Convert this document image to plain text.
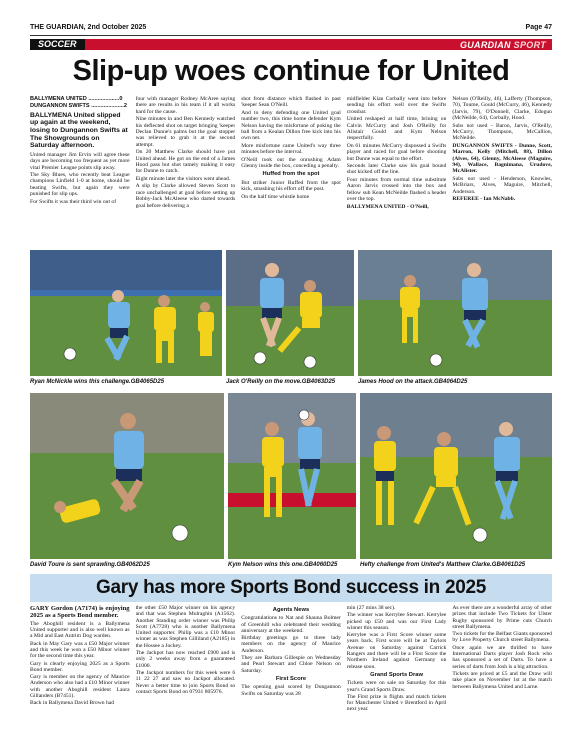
THE GUARDIAN, 2nd October 2025	Page 47
SOCCER	GUARDIAN SPORT
Slip-up woes continue for United

BALLYMENA UNITED ....................0

DUNGANNON SWIFTS .....................2

BALLYMENA United slipped up again at the weekend, losing to Dungannon Swifts at The Showgrounds on Saturday afternoon.

United manager Jim Ervin will agree these days are becoming too frequent as yet more vital Premier League points slip away.

The Sky Blues, who recently beat League champions Linfield 1-0 at home, should be beating Swifts, but again they were punished for slip ups.

For Swifts it was their third win out of

four with manager Rodney McAree saying there are results in his team if it all works hard for the cause.

Nine minutes in and Ben Kennedy watched his deflected shot on target bringing 'keeper Declan Dunne's palms but the goal stopper was relieved to grab it at the second attempt.

On 20 Matthew Clarke should have put United ahead. He got on the end of a James Hood pass but shot tamely making it easy for Dunne to catch.

Eight minute later the visitors went ahead.

A slip by Clarke allowed Steven Scott to race unchallenged at goal before setting up Bobby-Jack McAleese who darted towards goal before delivering a

shot from distance which flashed in past 'keeper Sean O'Neill.

And to deny defending one United goal number two, this time home defender Kym Nelson having the misfortune of poking the ball from a Kealan Dillon free kick into his own net.

More misfortune came United's way three minutes before the interval.

O'Neill took out the onrushing Adam Glenny inside the box, conceding a penalty.

Huffed from the spot

But striker Junior Ruffed from the spot kick, smashing his effort off the post.

On the half time whistle home

midfielder Kian Corbally went into before sending his effort well over the Swifts crossbar.

United reshaped at half time, brining on Calvin McCurry and Josh O'Reilly for Alistair Gould and Kym Nelson respectfully.

On 61 minutes McCurry dispossed a Swifts player and raced for goal before shooting but Dunne was equal to the effort.

Seconds later Clarke saw his goal bound shot kicked off the line.

Four minutes from normal time substitute Aaron Jarvis crossed into the box and fellow sub Kean McNeilde flashed a header over the top.

BALLYMENA UNITED - O'Neill,

Nelson (O'Reilly, 46), Lafferty (Thompson, 70), Toume, Gould (McCurry, 46), Kennedy (Jarvis, 79), O'Donnell, Clarke, Edogun (McNeilde, 64), Corbally, Hood.

Subs not used - Baron, Jarvis, O'Reilly, McCurry, Thompson, McCallion, McNeilde.

DUNGANNON SWIFTS - Dunne, Scott, Marron, Kelly (Mitchell, 88), Dillon (Alves, 64), Glenny, McAleese (Maguire, 94), Wallace, Bagnimana, Urudove, McAlister.

Subs not used - Henderson, Knowles, McBriars, Alves, Maguire, Mitchell, Anderson.

REFEREE - Ian McNabb.

Ryan McNickle wins this challenge.GB4065D25	Jack O'Reilly on the move.GB4063D25	James Hood on the attack.GB4064D25
David Toure is sent sprawling.GB4062D25	Kym Nelson wins this one.GB4060D25	Hefty challenge from United's Matthew Clarke.GB4061D25
Gary has more Sports Bond success in 2025

GARY Gordon (A7174) is enjoying 2025 as a Sports Bond member.

The Aboghill resident is a Ballymena United supporter and is also well known as a Mid and East Antrim Dog warden.

Back in May Gary was a £50 Major winner and this week he won a £50 Minor winner for the second time this year.

Gary is clearly enjoying 2025 as a Sports Bond member.

Gary is member on the agency of Maurice Anderson who also had a £10 Minor winner with another Aboghill resident Laura Gillanders (B7451).

Back in Ballymena David Brown had

the other £50 Major winner on his agency and that was Stephen Mulraghin (A1562). Another Standing order winner was Philip Scott (A7728) who is another Ballymena United supporter. Philip was a £10 Minor winner as was Stephen Gilliland (A2185) in the Hossee a Jockey.

The Jackpot has now reached £900 and is only 2 weeks away from a guaranteed £1000.

The Jackpot numbers for this week were 6 11 22 27 and saw no Jackpot allocated. Never a better time to join Sports Bond so contact Sports Bond on 07931 805976.

Agents News

Congratulations to Nat and Shauna Bolmer of Greenhill who celebrated their wedding anniversary at the weekend.

Birthday greetings go to three lady members on the agency of Maurice Anderson.

They are Barbara Gillespie on Wednesday and Pearl Stewart and Chloe Nelson on Saturday.

First Score

The opening goal scored by Dungannon Swifts on Saturday was 28

min (27 mins 38 sec).

The winner was Kerrylee Stewart. Kerrylee picked up £50 and was our First Lady winner this season.

Kerrylee was a First Score winner some years back. First score will be at Taylors Avenue on Saturday against Carrick Rangers and there will be a First Score the Northern Ireland against Germany on release soon.

Grand Sports Draw

Tickets were on sale on Saturday for this year's Grand Sports Draw.

The First prize is flights and match tickets for Manchester United v Brentford in April next year.

As ever there are a wonderful array of other prizes that include Two Tickets for Ulster Rugby sponsored by Prime cuts Church street Ballymena.

Two tickets for the Belfast Giants sponsored by Love Property Church street Ballymena.

Once again we are thrilled to have International Darts player Josh Rock who has sponsored a set of Darts. To have a series of darts from Josh is a big attraction.

Tickets are priced at £5 and the Draw will take place on November 1st at the match between Ballymena United and Larne.
